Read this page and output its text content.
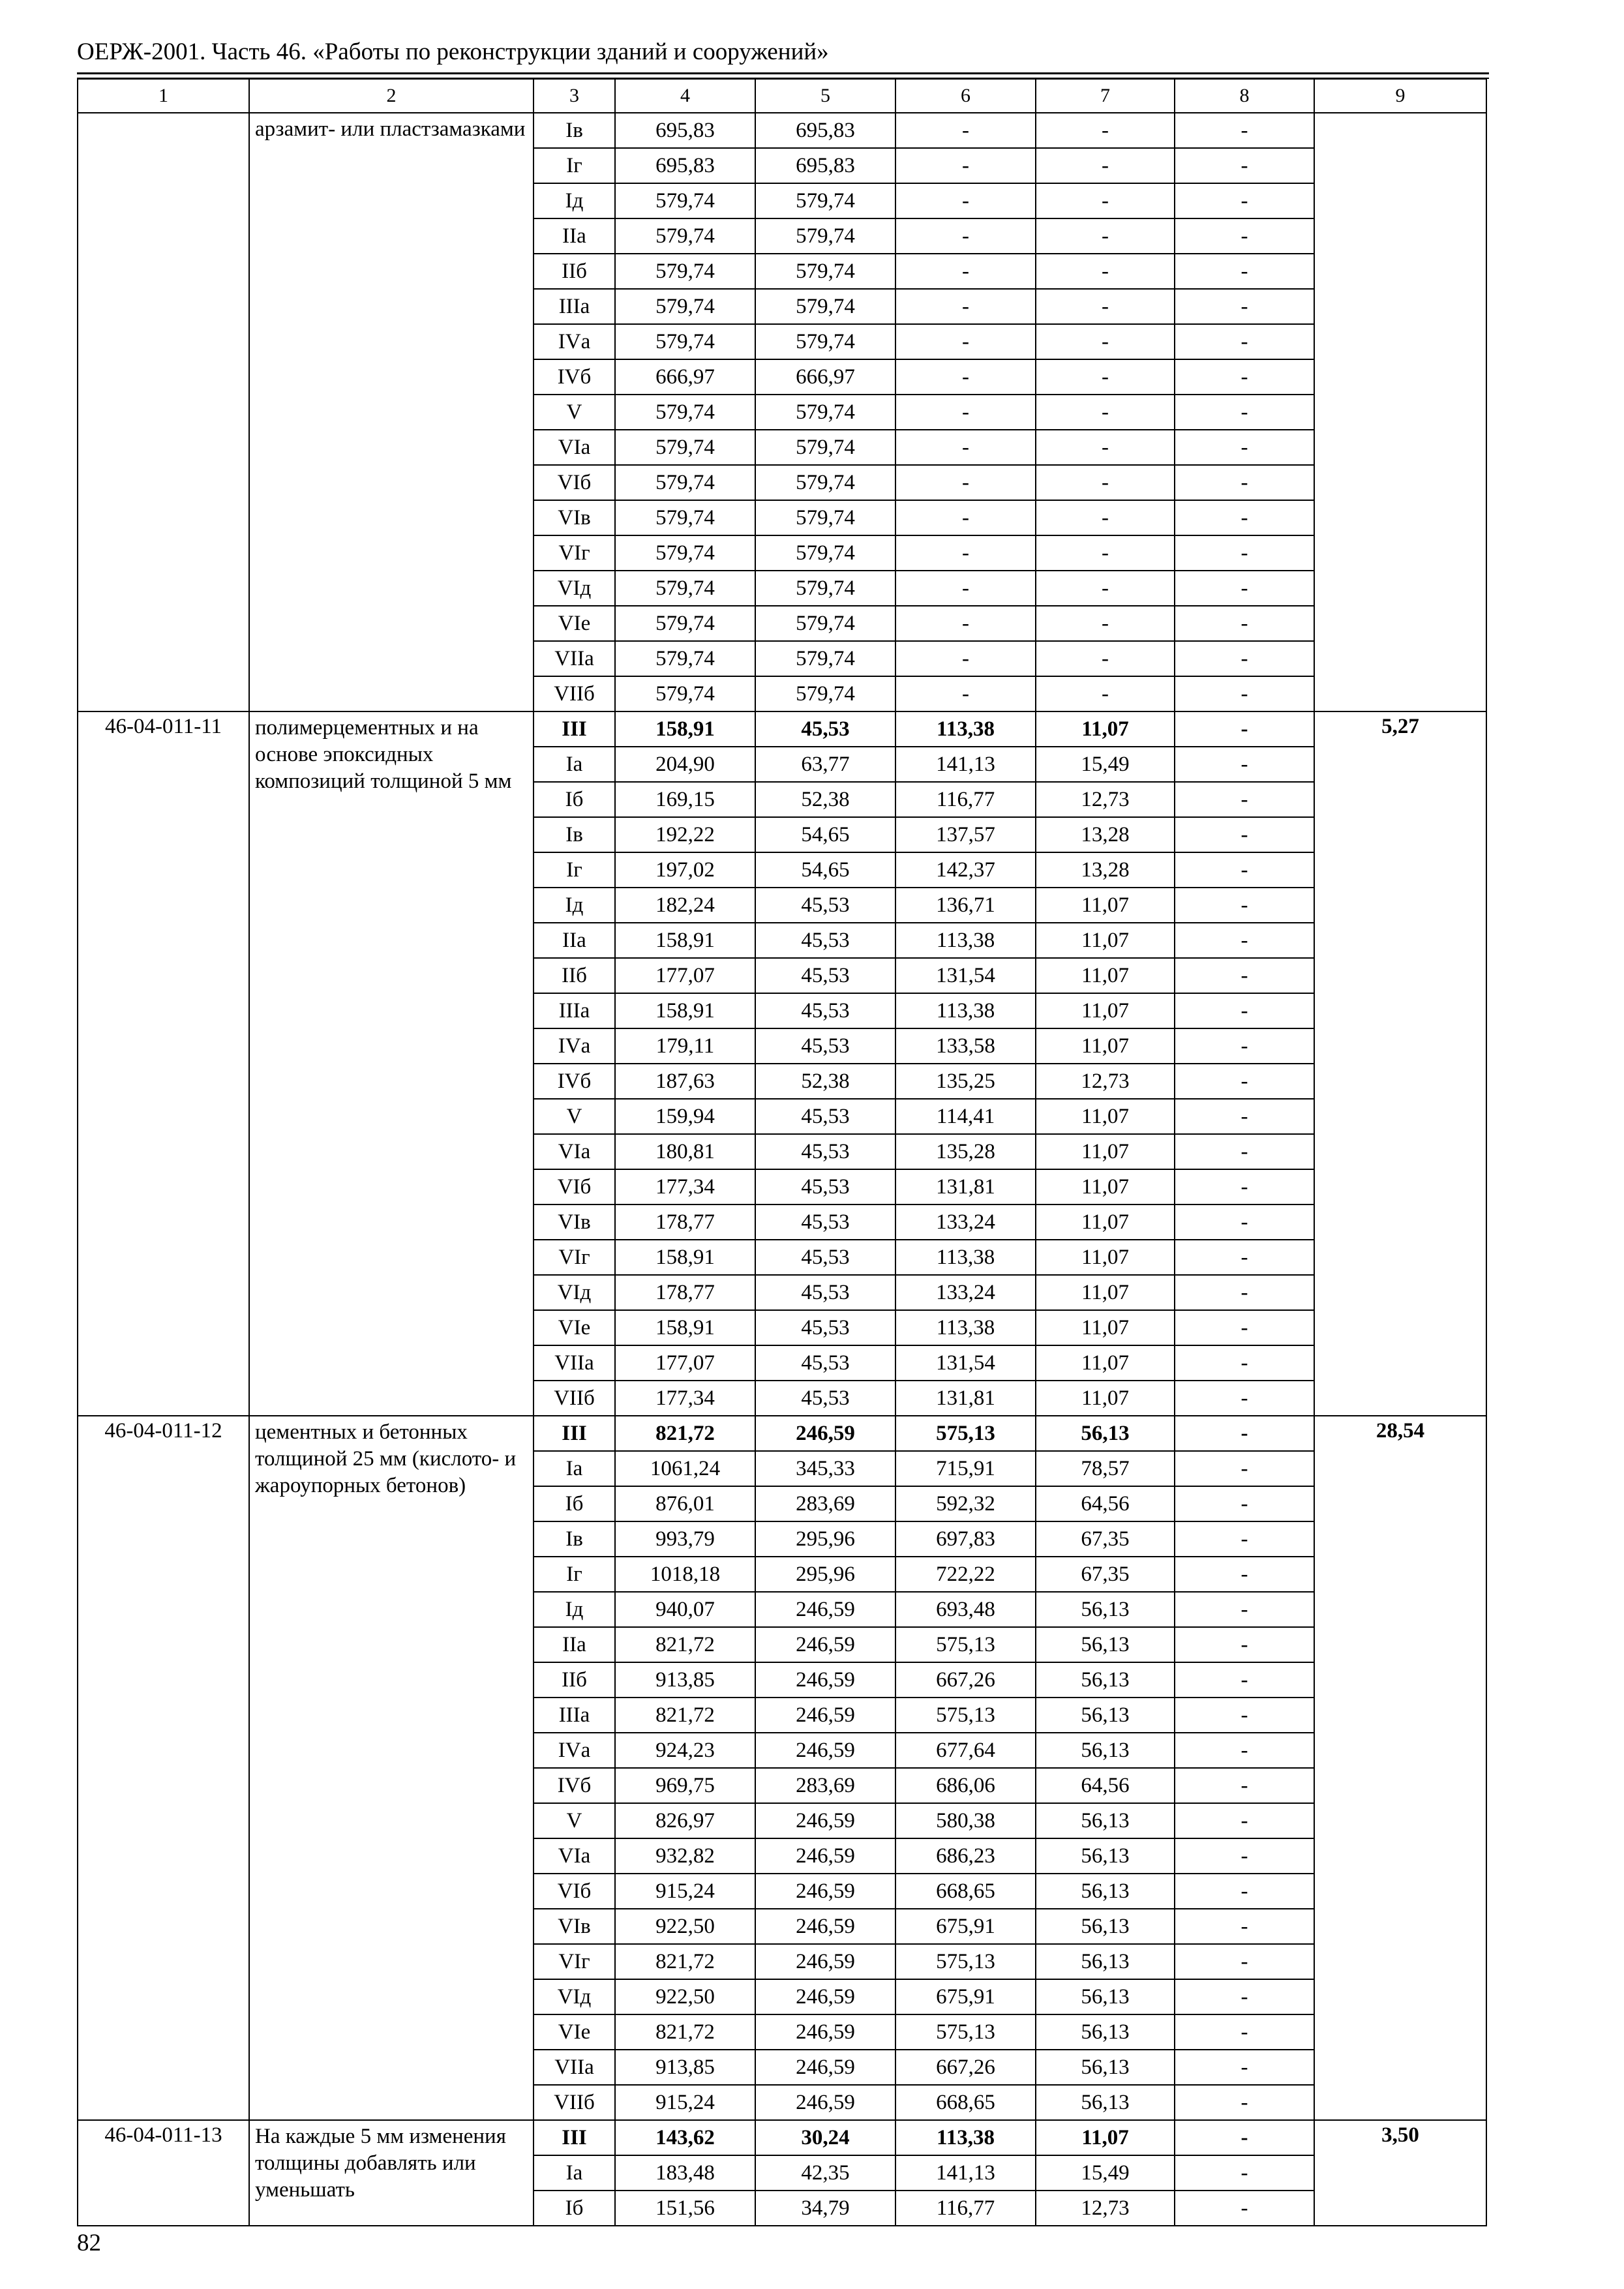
ОЕРЖ-2001. Часть 46. «Работы по реконструкции зданий и сооружений»
1	2	3	4	5	6	7	8	9
	арзамит- или пластзамазками	Iв	695,83	695,83	-	-	-	
		Iг	695,83	695,83	-	-	-	
		Iд	579,74	579,74	-	-	-	
		IIа	579,74	579,74	-	-	-	
		IIб	579,74	579,74	-	-	-	
		IIIа	579,74	579,74	-	-	-	
		IVа	579,74	579,74	-	-	-	
		IVб	666,97	666,97	-	-	-	
		V	579,74	579,74	-	-	-	
		VIа	579,74	579,74	-	-	-	
		VIб	579,74	579,74	-	-	-	
		VIв	579,74	579,74	-	-	-	
		VIг	579,74	579,74	-	-	-	
		VIд	579,74	579,74	-	-	-	
		VIе	579,74	579,74	-	-	-	
		VIIа	579,74	579,74	-	-	-	
		VIIб	579,74	579,74	-	-	-	
46-04-011-11	полимерцементных и на основе эпоксидных композиций толщиной 5 мм	III	158,91	45,53	113,38	11,07	-	5,27
		Iа	204,90	63,77	141,13	15,49	-	
		Iб	169,15	52,38	116,77	12,73	-	
		Iв	192,22	54,65	137,57	13,28	-	
		Iг	197,02	54,65	142,37	13,28	-	
		Iд	182,24	45,53	136,71	11,07	-	
		IIа	158,91	45,53	113,38	11,07	-	
		IIб	177,07	45,53	131,54	11,07	-	
		IIIа	158,91	45,53	113,38	11,07	-	
		IVа	179,11	45,53	133,58	11,07	-	
		IVб	187,63	52,38	135,25	12,73	-	
		V	159,94	45,53	114,41	11,07	-	
		VIа	180,81	45,53	135,28	11,07	-	
		VIб	177,34	45,53	131,81	11,07	-	
		VIв	178,77	45,53	133,24	11,07	-	
		VIг	158,91	45,53	113,38	11,07	-	
		VIд	178,77	45,53	133,24	11,07	-	
		VIе	158,91	45,53	113,38	11,07	-	
		VIIа	177,07	45,53	131,54	11,07	-	
		VIIб	177,34	45,53	131,81	11,07	-	
46-04-011-12	цементных и бетонных толщиной 25 мм (кислото- и жароупорных бетонов)	III	821,72	246,59	575,13	56,13	-	28,54
		Iа	1061,24	345,33	715,91	78,57	-	
		Iб	876,01	283,69	592,32	64,56	-	
		Iв	993,79	295,96	697,83	67,35	-	
		Iг	1018,18	295,96	722,22	67,35	-	
		Iд	940,07	246,59	693,48	56,13	-	
		IIа	821,72	246,59	575,13	56,13	-	
		IIб	913,85	246,59	667,26	56,13	-	
		IIIа	821,72	246,59	575,13	56,13	-	
		IVа	924,23	246,59	677,64	56,13	-	
		IVб	969,75	283,69	686,06	64,56	-	
		V	826,97	246,59	580,38	56,13	-	
		VIа	932,82	246,59	686,23	56,13	-	
		VIб	915,24	246,59	668,65	56,13	-	
		VIв	922,50	246,59	675,91	56,13	-	
		VIг	821,72	246,59	575,13	56,13	-	
		VIд	922,50	246,59	675,91	56,13	-	
		VIе	821,72	246,59	575,13	56,13	-	
		VIIа	913,85	246,59	667,26	56,13	-	
		VIIб	915,24	246,59	668,65	56,13	-	
46-04-011-13	На каждые 5 мм изменения толщины добавлять или уменьшать	III	143,62	30,24	113,38	11,07	-	3,50
		Iа	183,48	42,35	141,13	15,49	-	
		Iб	151,56	34,79	116,77	12,73	-	
82
